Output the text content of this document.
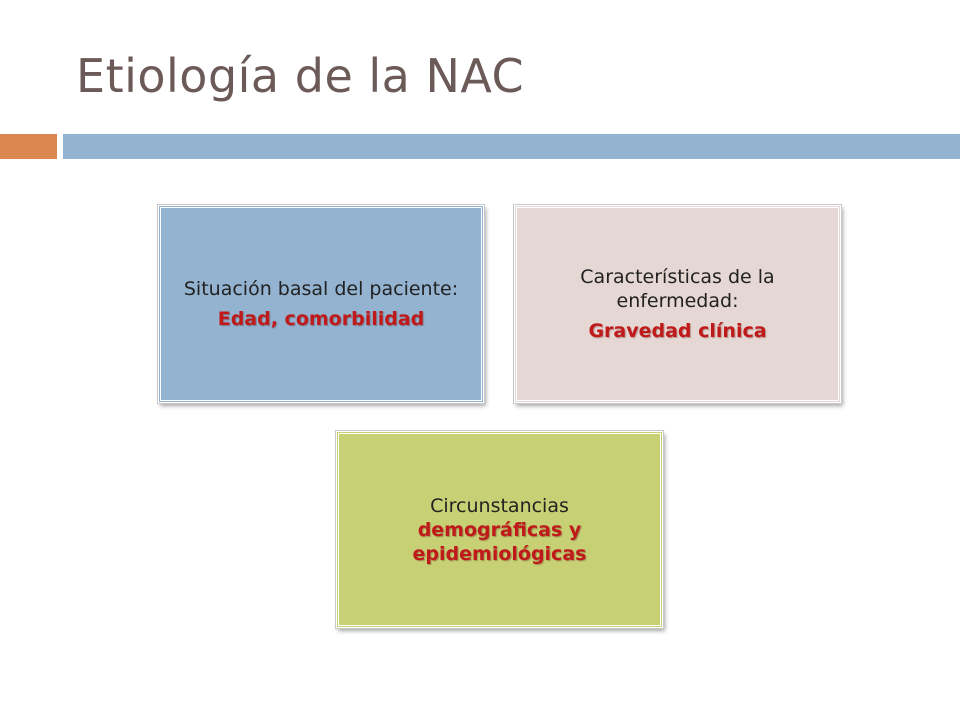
Etiología de la NAC
Situación basal del paciente:
Edad, comorbilidad
Características de la enfermedad:
Gravedad clínica
Circunstancias
demográficas y epidemiológicas
